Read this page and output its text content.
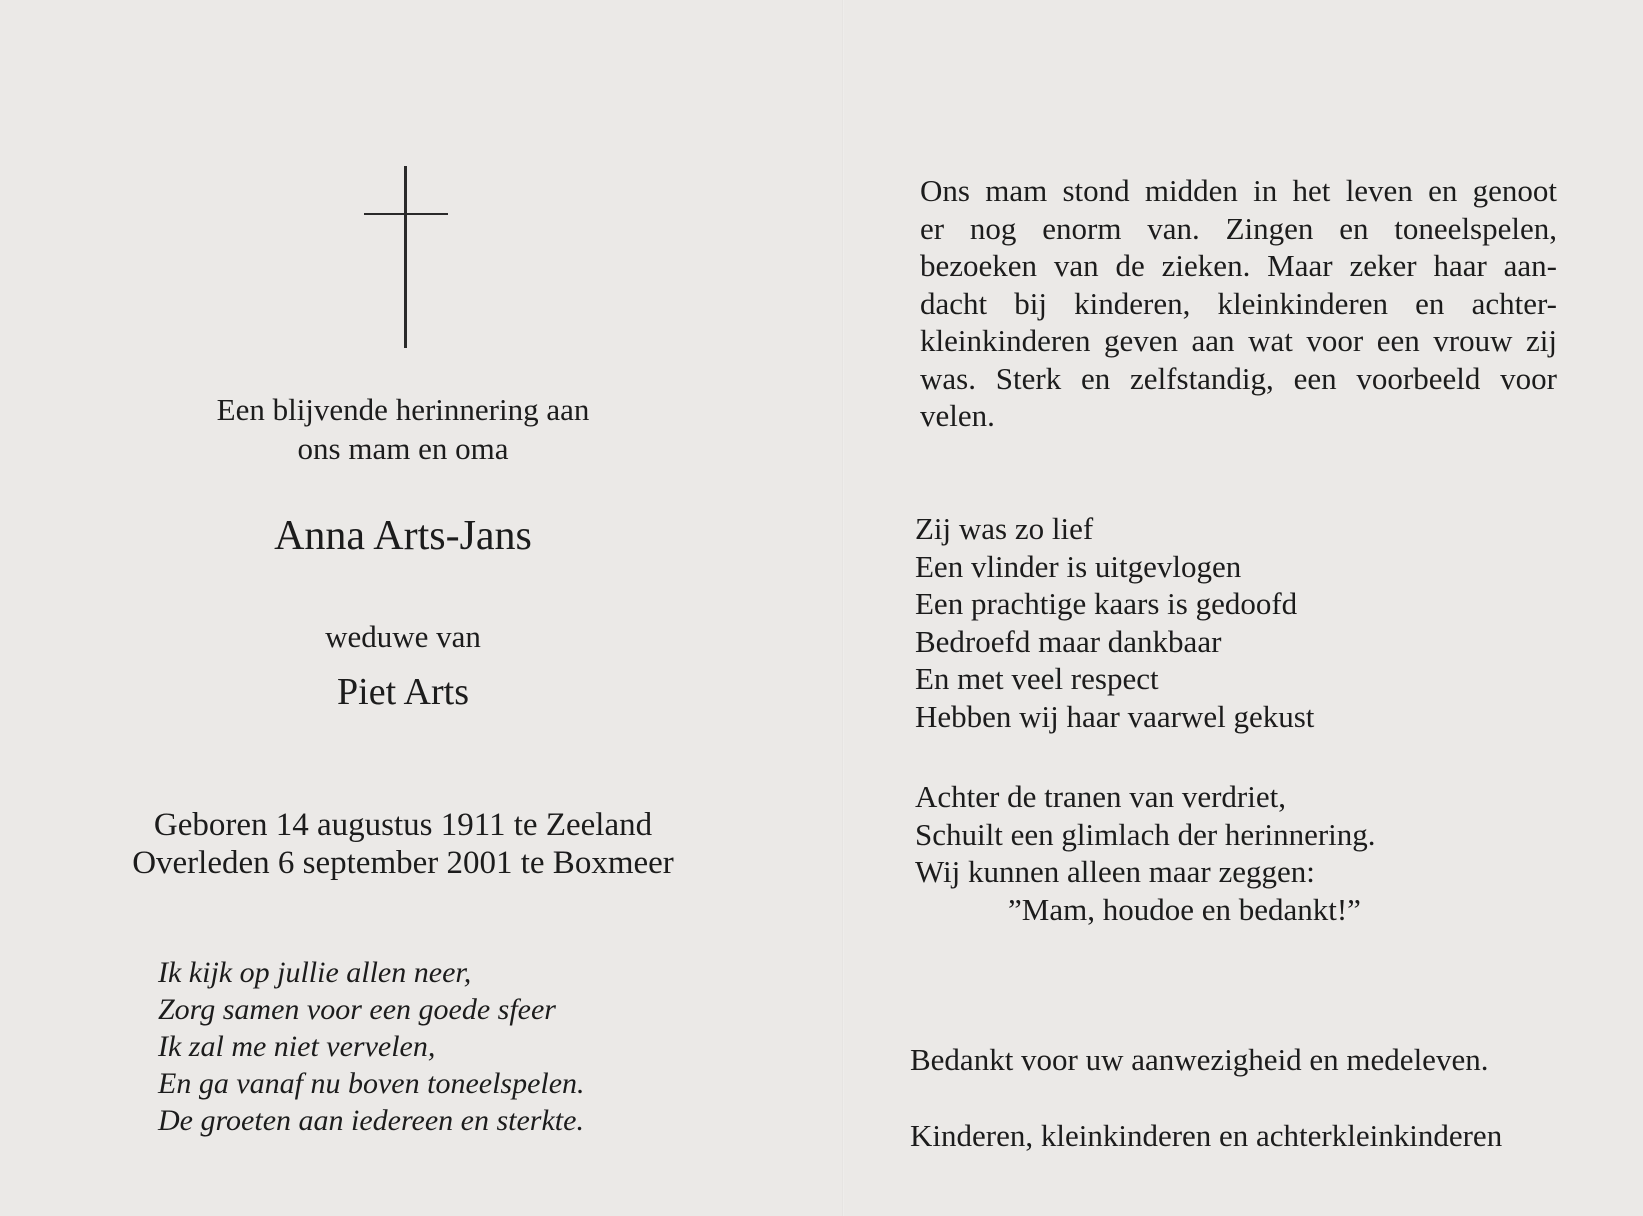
Een blijvende herinnering aan
ons mam en oma
Anna Arts-Jans
weduwe van
Piet Arts
Geboren 14 augustus 1911 te Zeeland
Overleden 6 september 2001 te Boxmeer
Ik kijk op jullie allen neer,
Zorg samen voor een goede sfeer
Ik zal me niet vervelen,
En ga vanaf nu boven toneelspelen.
De groeten aan iedereen en sterkte.
Ons mam stond midden in het leven en genoot
er nog enorm van. Zingen en toneelspelen,
bezoeken van de zieken. Maar zeker haar aan-
dacht bij kinderen, kleinkinderen en achter-
kleinkinderen geven aan wat voor een vrouw zij
was. Sterk en zelfstandig, een voorbeeld voor
velen.
Zij was zo lief
Een vlinder is uitgevlogen
Een prachtige kaars is gedoofd
Bedroefd maar dankbaar
En met veel respect
Hebben wij haar vaarwel gekust
Achter de tranen van verdriet,
Schuilt een glimlach der herinnering.
Wij kunnen alleen maar zeggen:
”Mam, houdoe en bedankt!”
Bedankt voor uw aanwezigheid en medeleven.
Kinderen, kleinkinderen en achterkleinkinderen
